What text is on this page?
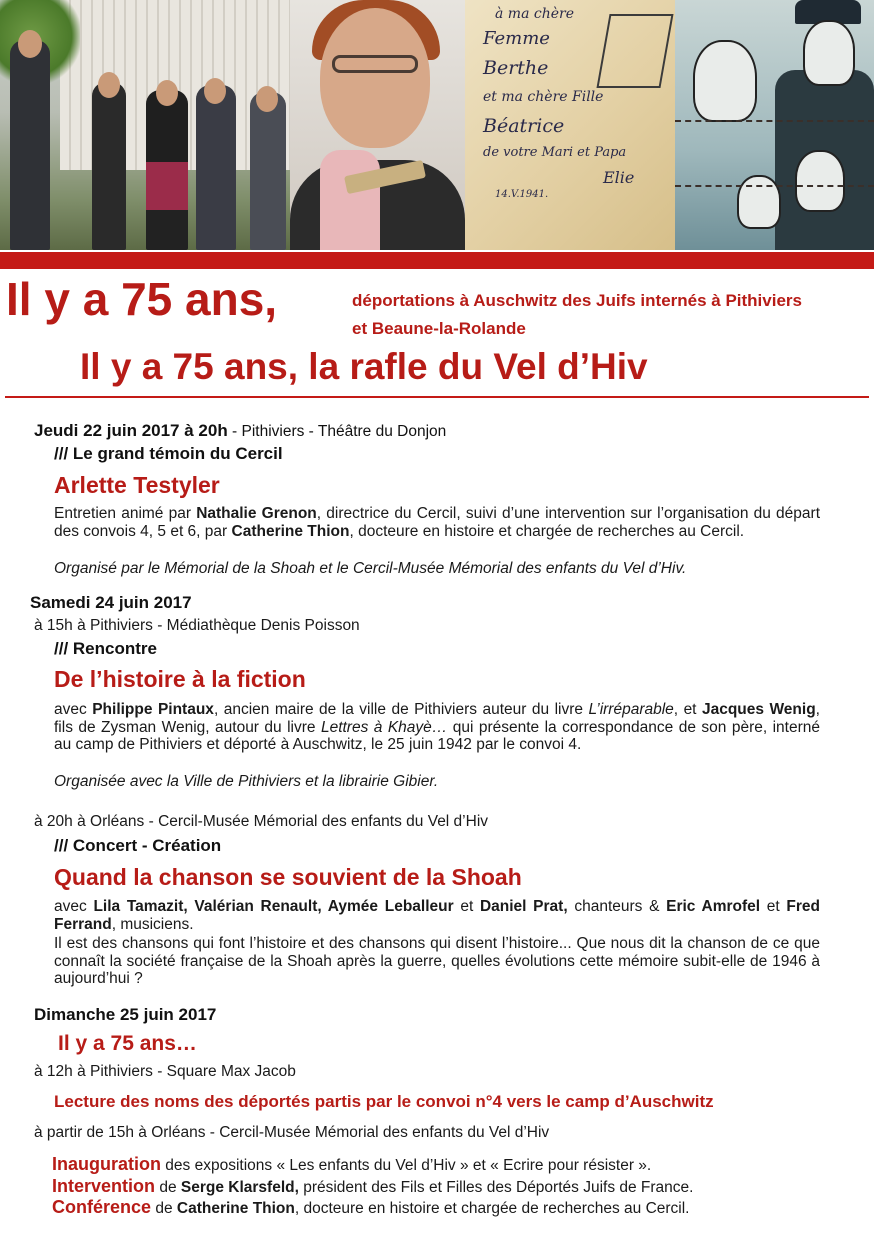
à ma chère
Femme
Berthe
et ma chère Fille
Béatrice
de votre Mari et Papa
Elie
14.V.1941.
Il y a 75 ans,	déportations à Auschwitz des Juifs internés à Pithiviers
et Beaune-la-Rolande
Il y a 75 ans, la rafle du Vel d’Hiv
Jeudi 22 juin 2017 à 20h - Pithiviers - Théâtre du Donjon
/// Le grand témoin du Cercil
Arlette Testyler
Entretien animé par Nathalie Grenon, directrice du Cercil, suivi d’une intervention sur l’organisation du départ des convois 4, 5 et 6, par Catherine Thion, docteure en histoire et chargée de recherches au Cercil.
Organisé par le Mémorial de la Shoah et le Cercil-Musée Mémorial des enfants du Vel d’Hiv.
Samedi 24 juin 2017
à 15h à Pithiviers - Médiathèque Denis Poisson
/// Rencontre
De l’histoire à la fiction
avec Philippe Pintaux, ancien maire de la ville de Pithiviers auteur du livre L’irréparable, et Jacques Wenig, fils de Zysman Wenig, autour du livre Lettres à Khayè… qui présente la correspondance de son père, interné au camp de Pithiviers et déporté à Auschwitz, le 25 juin 1942 par le convoi 4.
Organisée avec la Ville de Pithiviers et la librairie Gibier.
à 20h à Orléans - Cercil-Musée Mémorial des enfants du Vel d’Hiv
/// Concert - Création
Quand la chanson se souvient de la Shoah
avec Lila Tamazit, Valérian Renault, Aymée Leballeur et Daniel Prat, chanteurs & Eric Amrofel et Fred Ferrand, musiciens.
Il est des chansons qui font l’histoire et des chansons qui disent l’histoire... Que nous dit la chanson de ce que connaît la société française de la Shoah après la guerre, quelles évolutions cette mémoire subit-elle de 1946 à aujourd’hui ?
Dimanche 25 juin 2017
Il y a 75 ans…
à 12h à Pithiviers - Square Max Jacob
Lecture des noms des déportés partis par le convoi n°4 vers le camp d’Auschwitz
à partir de 15h à Orléans - Cercil-Musée Mémorial des enfants du Vel d’Hiv
Inauguration des expositions « Les enfants du Vel d’Hiv » et « Ecrire pour résister ».
Intervention de Serge Klarsfeld, président des Fils et Filles des Déportés Juifs de France.
Conférence de Catherine Thion, docteure en histoire et chargée de recherches au Cercil.
